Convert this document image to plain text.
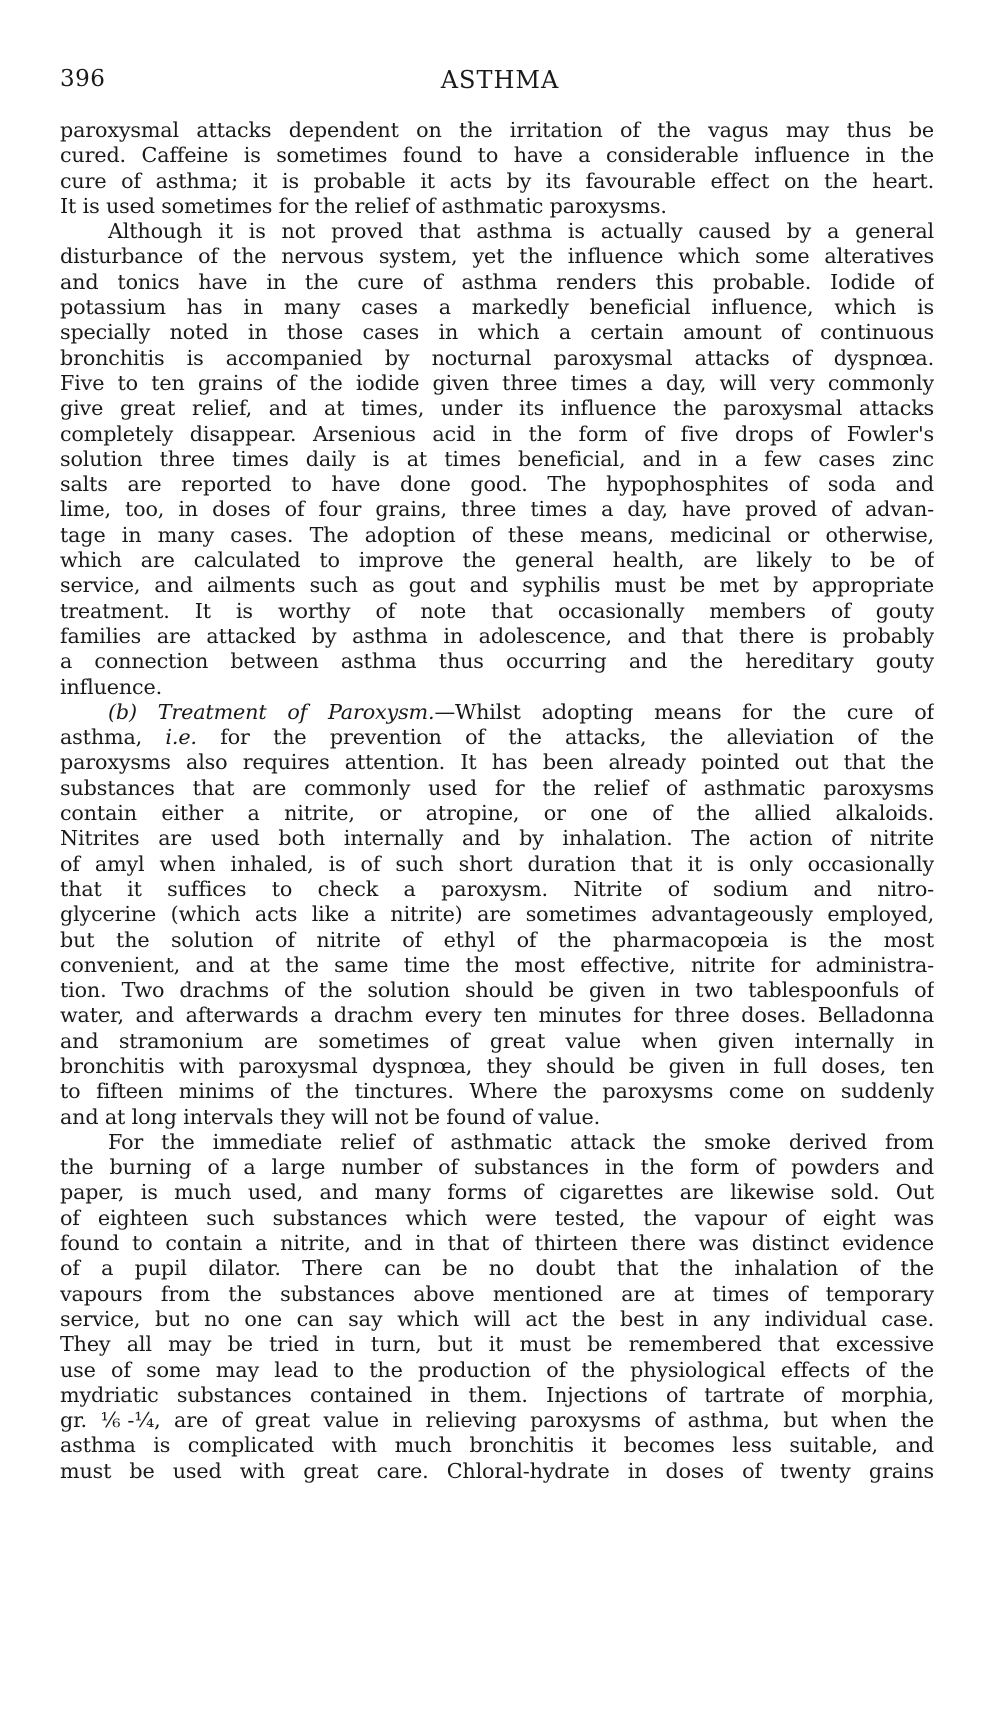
396	ASTHMA
paroxysmal attacks dependent on the irritation of the vagus may thus be
cured. Caffeine is sometimes found to have a considerable influence in the
cure of asthma; it is probable it acts by its favourable effect on the heart.
It is used sometimes for the relief of asthmatic paroxysms.
Although it is not proved that asthma is actually caused by a general
disturbance of the nervous system, yet the influence which some alteratives
and tonics have in the cure of asthma renders this probable. Iodide of
potassium has in many cases a markedly beneficial influence, which is
specially noted in those cases in which a certain amount of continuous
bronchitis is accompanied by nocturnal paroxysmal attacks of dyspnœa.
Five to ten grains of the iodide given three times a day, will very commonly
give great relief, and at times, under its influence the paroxysmal attacks
completely disappear. Arsenious acid in the form of five drops of Fowler's
solution three times daily is at times beneficial, and in a few cases zinc
salts are reported to have done good. The hypophosphites of soda and
lime, too, in doses of four grains, three times a day, have proved of advan-
tage in many cases. The adoption of these means, medicinal or otherwise,
which are calculated to improve the general health, are likely to be of
service, and ailments such as gout and syphilis must be met by appropriate
treatment. It is worthy of note that occasionally members of gouty
families are attacked by asthma in adolescence, and that there is probably
a connection between asthma thus occurring and the hereditary gouty
influence.
(b) Treatment of Paroxysm.—Whilst adopting means for the cure of
asthma, i.e. for the prevention of the attacks, the alleviation of the
paroxysms also requires attention. It has been already pointed out that the
substances that are commonly used for the relief of asthmatic paroxysms
contain either a nitrite, or atropine, or one of the allied alkaloids.
Nitrites are used both internally and by inhalation. The action of nitrite
of amyl when inhaled, is of such short duration that it is only occasionally
that it suffices to check a paroxysm. Nitrite of sodium and nitro-
glycerine (which acts like a nitrite) are sometimes advantageously employed,
but the solution of nitrite of ethyl of the pharmacopœia is the most
convenient, and at the same time the most effective, nitrite for administra-
tion. Two drachms of the solution should be given in two tablespoonfuls of
water, and afterwards a drachm every ten minutes for three doses. Belladonna
and stramonium are sometimes of great value when given internally in
bronchitis with paroxysmal dyspnœa, they should be given in full doses, ten
to fifteen minims of the tinctures. Where the paroxysms come on suddenly
and at long intervals they will not be found of value.
For the immediate relief of asthmatic attack the smoke derived from
the burning of a large number of substances in the form of powders and
paper, is much used, and many forms of cigarettes are likewise sold. Out
of eighteen such substances which were tested, the vapour of eight was
found to contain a nitrite, and in that of thirteen there was distinct evidence
of a pupil dilator. There can be no doubt that the inhalation of the
vapours from the substances above mentioned are at times of temporary
service, but no one can say which will act the best in any individual case.
They all may be tried in turn, but it must be remembered that excessive
use of some may lead to the production of the physiological effects of the
mydriatic substances contained in them. Injections of tartrate of morphia,
gr. ⅙-¼, are of great value in relieving paroxysms of asthma, but when the
asthma is complicated with much bronchitis it becomes less suitable, and
must be used with great care. Chloral-hydrate in doses of twenty grains
